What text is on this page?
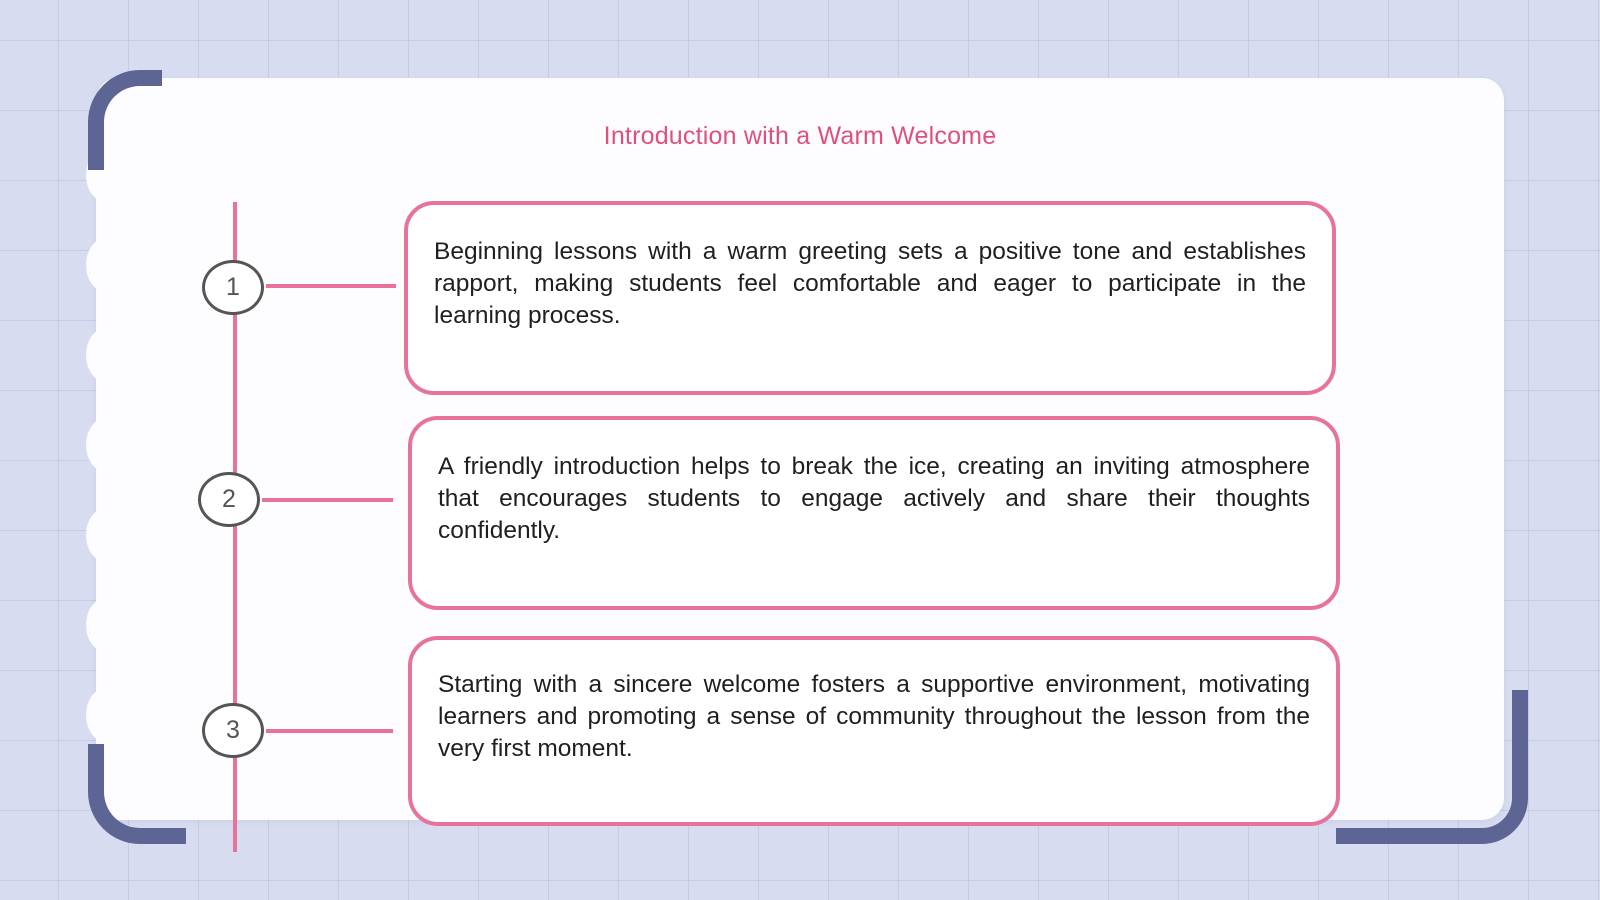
Introduction with a Warm Welcome
1
2
3

Beginning lessons with a warm greeting sets a positive tone and establishes rapport, making students feel comfortable and eager to participate in the learning process.

A friendly introduction helps to break the ice, creating an inviting atmosphere that encourages students to engage actively and share their thoughts confidently.

Starting with a sincere welcome fosters a supportive environment, motivating learners and promoting a sense of community throughout the lesson from the very first moment.
